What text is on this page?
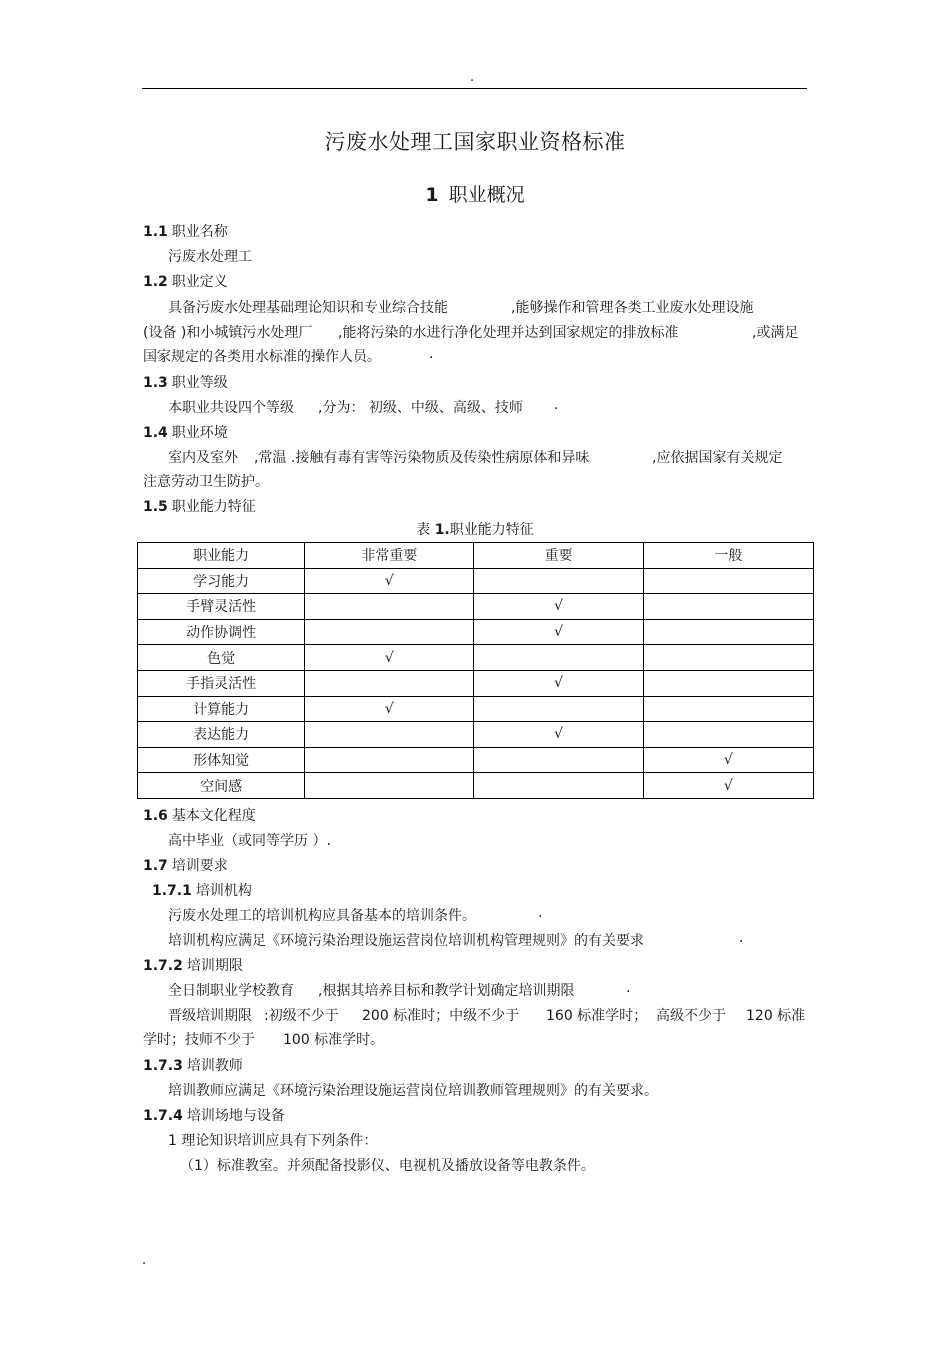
.
污废水处理工国家职业资格标准
1 职业概况
1.1 职业名称
污废水处理工
1.2 职业定义
具备污废水处理基础理论知识和专业综合技能	,能够操作和管理各类工业废水处理设施
(设备 )和小城镇污水处理厂 ,能将污染的水进行净化处理并达到国家规定的排放标准	,或满足
国家规定的各类用水标准的操作人员。	.
1.3 职业等级
本职业共设四个等级 ,分为： 初级、中级、高级、技师 .
1.4 职业环境
室内及室外 ,常温 .接触有毒有害等污染物质及传染性病原体和异味	,应依据国家有关规定
注意劳动卫生防护。
1.5 职业能力特征
表 1.职业能力特征
职业能力	非常重要	重要	一般
学习能力	√		
手臂灵活性		√	
动作协调性		√	
色觉	√		
手指灵活性		√	
计算能力	√		
表达能力		√	
形体知觉			√
空间感			√
1.6 基本文化程度
高中毕业（或同等学历 ）.
1.7 培训要求
1.7.1 培训机构
污废水处理工的培训机构应具备基本的培训条件。	.
培训机构应满足《环境污染治理设施运营岗位培训机构管理规则》的有关要求	.
1.7.2 培训期限
全日制职业学校教育 ,根据其培养目标和教学计划确定培训期限	.
晋级培训期限 :初级不少于 200 标准时；中级不少于 160 标准学时； 高级不少于 120 标准
学时；技师不少于 100 标准学时。
1.7.3 培训教师
培训教师应满足《环境污染治理设施运营岗位培训教师管理规则》的有关要求。
1.7.4 培训场地与设备
1 理论知识培训应具有下列条件：
（1）标准教室。并须配备投影仪、电视机及播放设备等电教条件。
.
